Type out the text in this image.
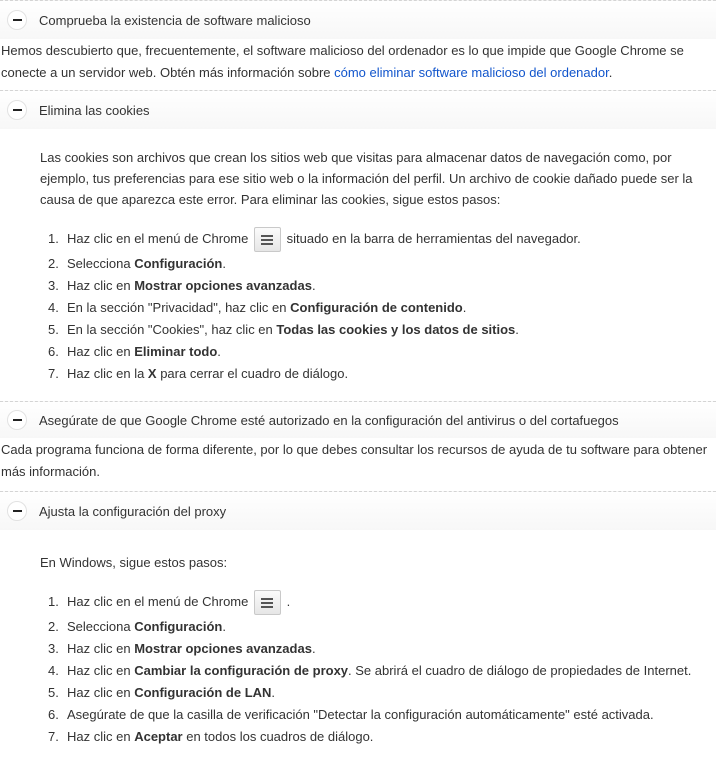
Comprueba la existencia de software malicioso

Hemos descubierto que, frecuentemente, el software malicioso del ordenador es lo que impide que Google Chrome se conecte a un servidor web. Obtén más información sobre cómo eliminar software malicioso del ordenador.

Elimina las cookies

Las cookies son archivos que crean los sitios web que visitas para almacenar datos de navegación como, por ejemplo, tus preferencias para ese sitio web o la información del perfil. Un archivo de cookie dañado puede ser la causa de que aparezca este error. Para eliminar las cookies, sigue estos pasos:

1. Haz clic en el menú de Chrome	situado en la barra de herramientas del navegador.
2. Selecciona Configuración.
3. Haz clic en Mostrar opciones avanzadas.
4. En la sección "Privacidad", haz clic en Configuración de contenido.
5. En la sección "Cookies", haz clic en Todas las cookies y los datos de sitios.
6. Haz clic en Eliminar todo.
7. Haz clic en la X para cerrar el cuadro de diálogo.
Asegúrate de que Google Chrome esté autorizado en la configuración del antivirus o del cortafuegos

Cada programa funciona de forma diferente, por lo que debes consultar los recursos de ayuda de tu software para obtener más información.

Ajusta la configuración del proxy

En Windows, sigue estos pasos:

1. Haz clic en el menú de Chrome	.
2. Selecciona Configuración.
3. Haz clic en Mostrar opciones avanzadas.
4. Haz clic en Cambiar la configuración de proxy. Se abrirá el cuadro de diálogo de propiedades de Internet.
5. Haz clic en Configuración de LAN.
6. Asegúrate de que la casilla de verificación "Detectar la configuración automáticamente" esté activada.
7. Haz clic en Aceptar en todos los cuadros de diálogo.
